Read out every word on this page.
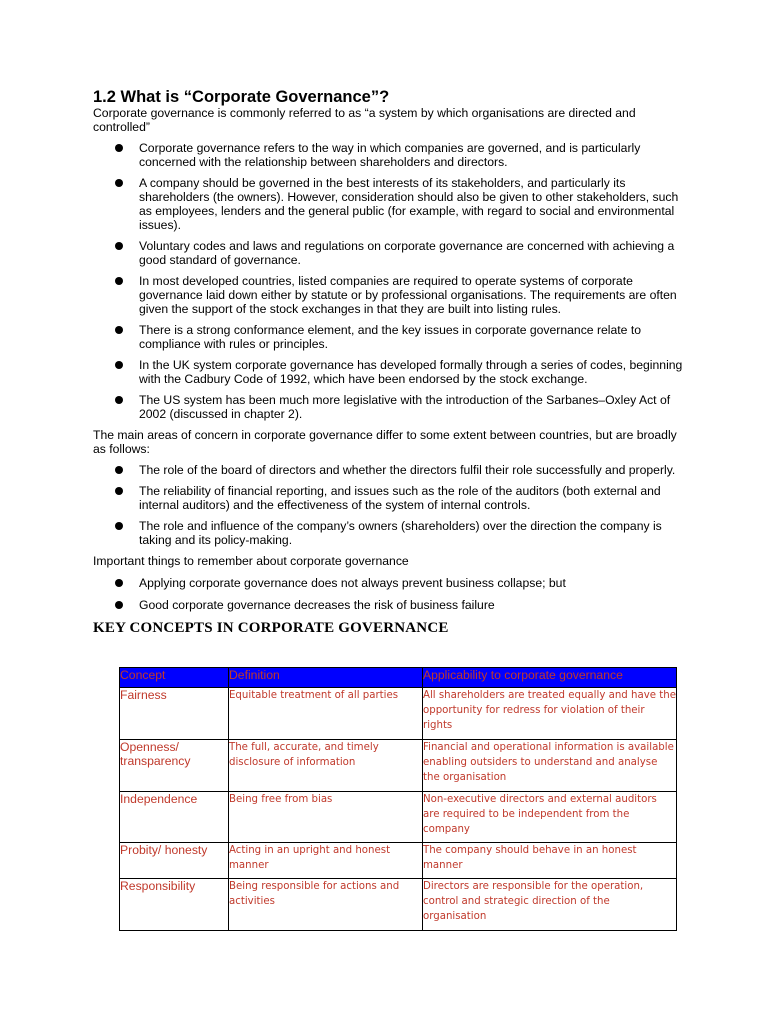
1.2 What is “Corporate Governance”?

Corporate governance is commonly referred to as “a system by which organisations are directed and controlled”

Corporate governance refers to the way in which companies are governed, and is particularly concerned with the relationship between shareholders and directors.
A company should be governed in the best interests of its stakeholders, and particularly its shareholders (the owners). However, consideration should also be given to other stakeholders, such as employees, lenders and the general public (for example, with regard to social and environmental issues).
Voluntary codes and laws and regulations on corporate governance are concerned with achieving a good standard of governance.
In most developed countries, listed companies are required to operate systems of corporate governance laid down either by statute or by professional organisations. The requirements are often given the support of the stock exchanges in that they are built into listing rules.
There is a strong conformance element, and the key issues in corporate governance relate to compliance with rules or principles.
In the UK system corporate governance has developed formally through a series of codes, beginning with the Cadbury Code of 1992, which have been endorsed by the stock exchange.
The US system has been much more legislative with the introduction of the Sarbanes–Oxley Act of 2002 (discussed in chapter 2).

The main areas of concern in corporate governance differ to some extent between countries, but are broadly as follows:

The role of the board of directors and whether the directors fulfil their role successfully and properly.
The reliability of financial reporting, and issues such as the role of the auditors (both external and internal auditors) and the effectiveness of the system of internal controls.
The role and influence of the company’s owners (shareholders) over the direction the company is taking and its policy-making.

Important things to remember about corporate governance

Applying corporate governance does not always prevent business collapse; but
Good corporate governance decreases the risk of business failure
KEY CONCEPTS IN CORPORATE GOVERNANCE
Concept	Definition	Applicability to corporate governance
Fairness	Equitable treatment of all parties	All shareholders are treated equally and have the opportunity for redress for violation of their rights
Openness/ transparency	The full, accurate, and timely disclosure of information	Financial and operational information is available enabling outsiders to understand and analyse the organisation
Independence	Being free from bias	Non-executive directors and external auditors are required to be independent from the company
Probity/ honesty	Acting in an upright and honest manner	The company should behave in an honest manner
Responsibility	Being responsible for actions and activities	Directors are responsible for the operation, control and strategic direction of the organisation
